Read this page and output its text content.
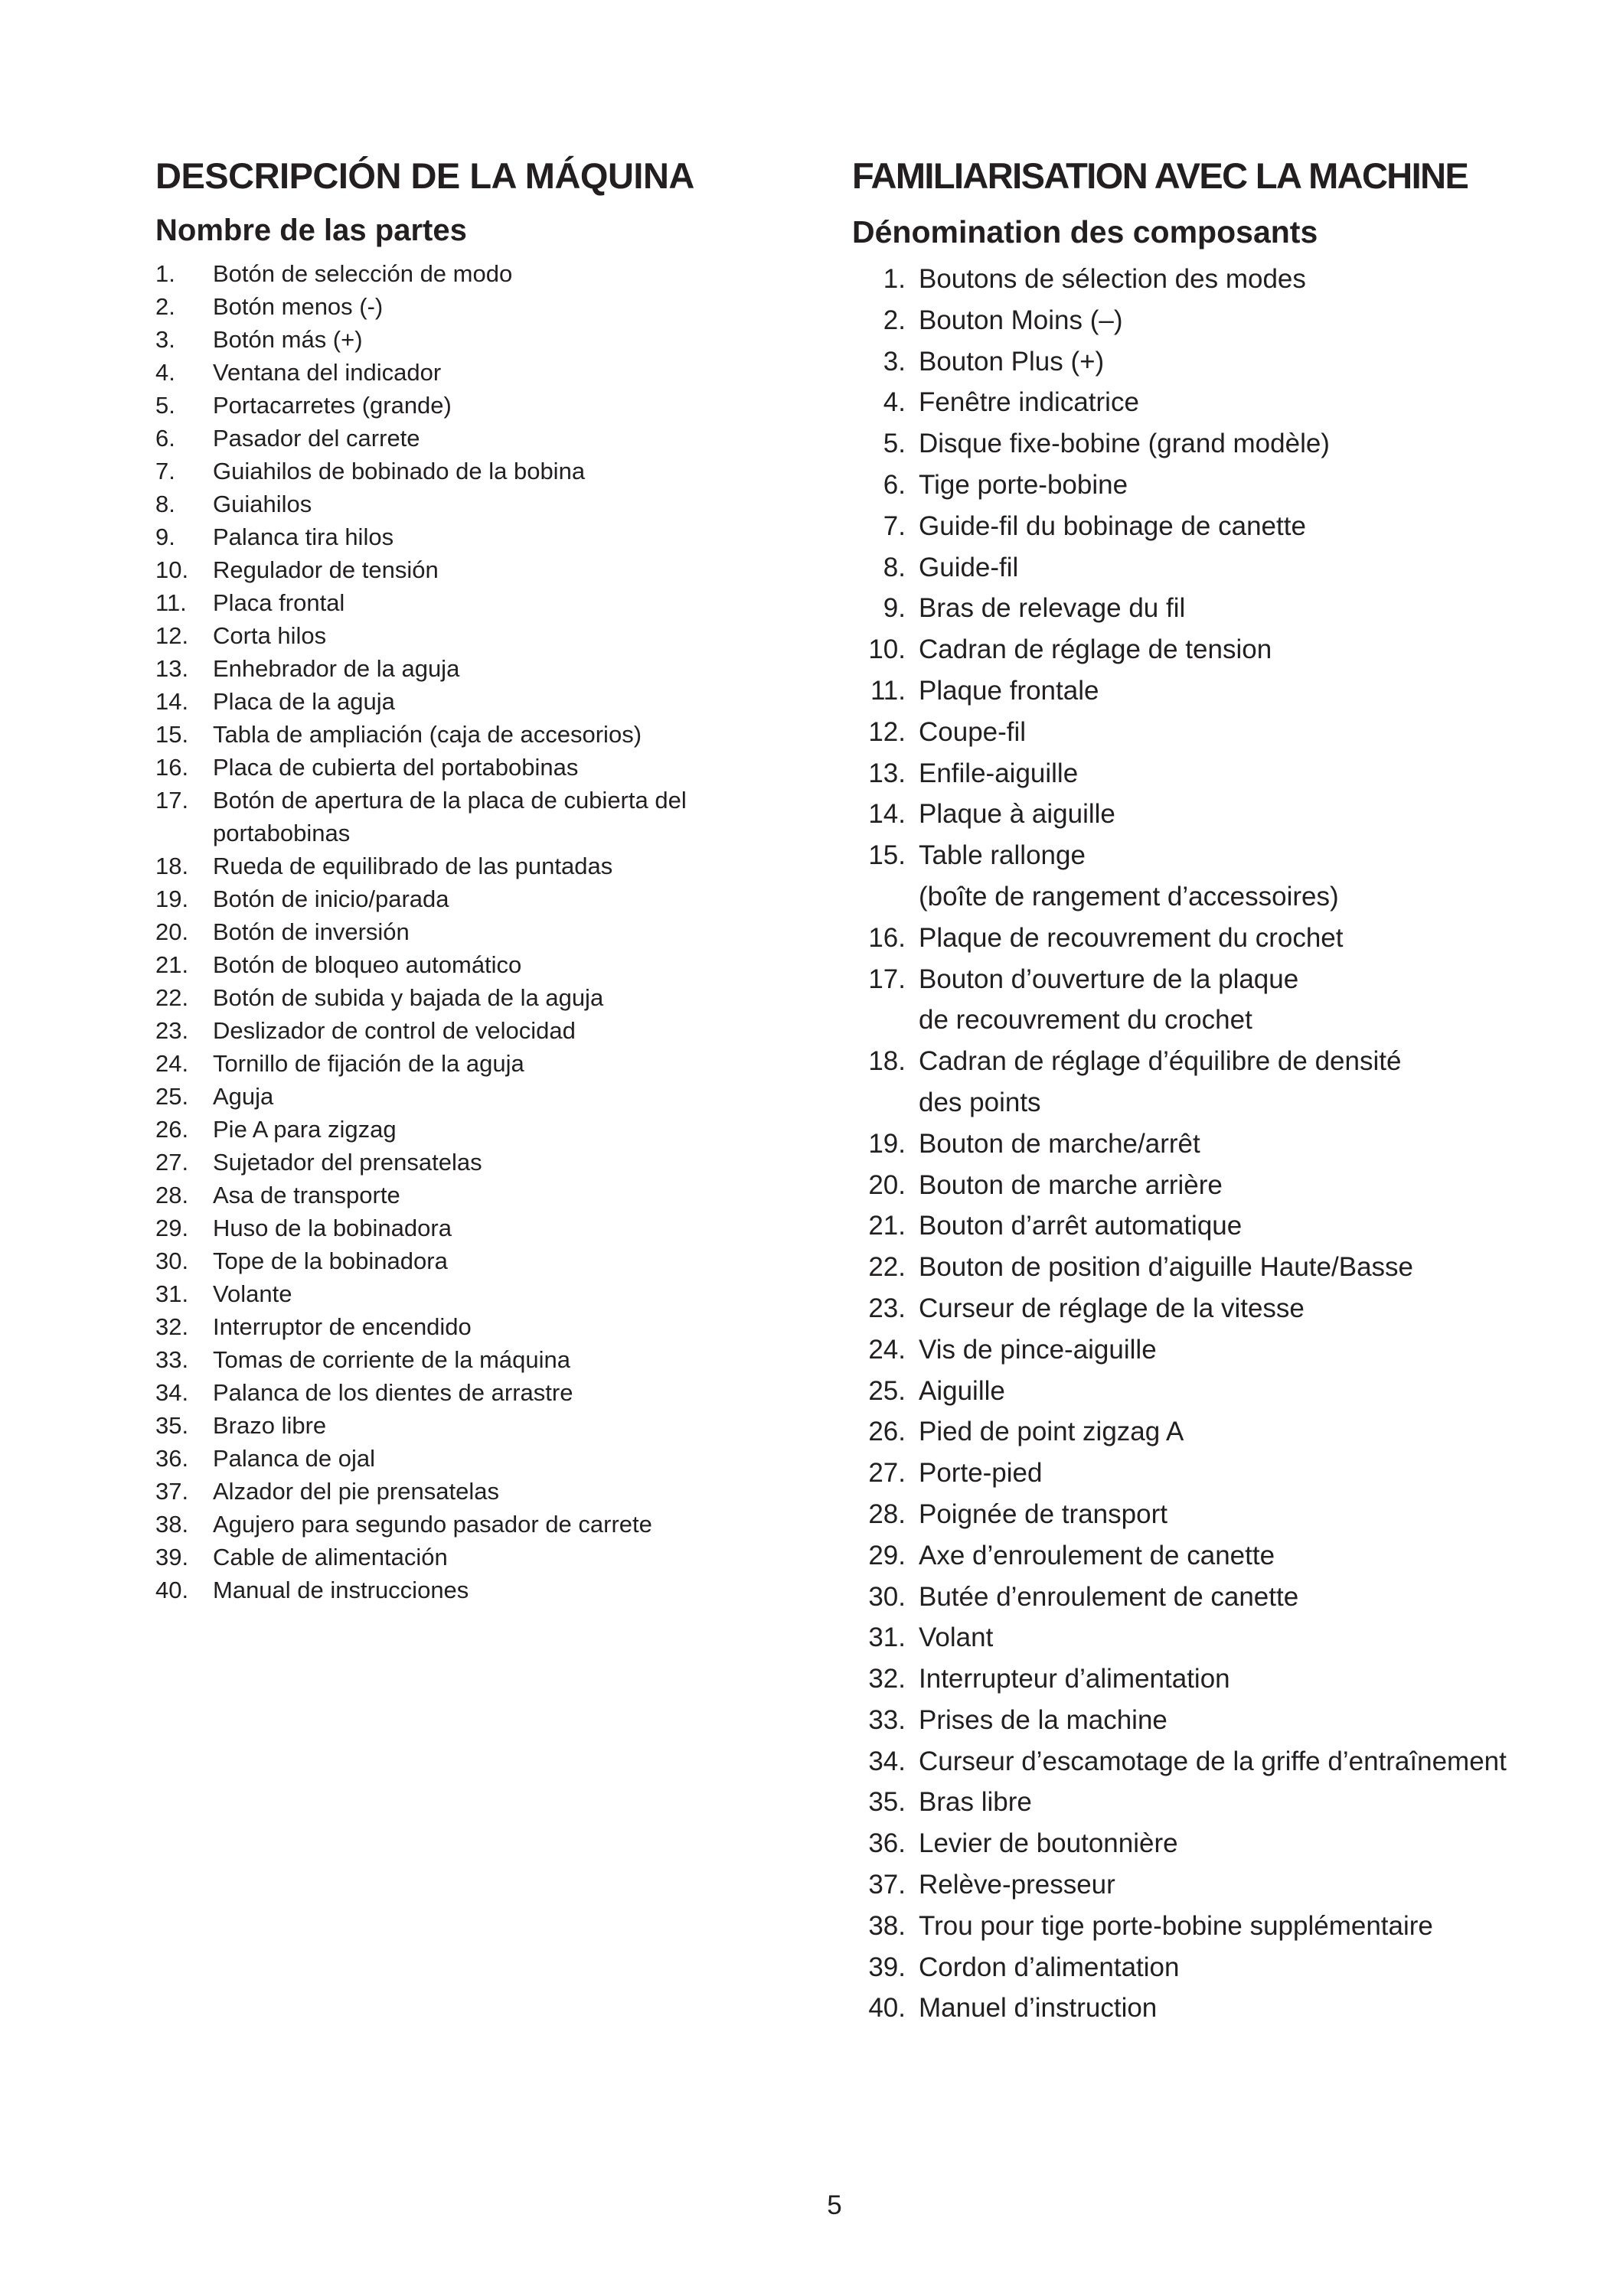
DESCRIPCIÓN DE LA MÁQUINA
Nombre de las partes
1.	Botón de selección de modo
2.	Botón menos (-)
3.	Botón más (+)
4.	Ventana del indicador
5.	Portacarretes (grande)
6.	Pasador del carrete
7.	Guiahilos de bobinado de la bobina
8.	Guiahilos
9.	Palanca tira hilos
10.	Regulador de tensión
11.	Placa frontal
12.	Corta hilos
13.	Enhebrador de la aguja
14.	Placa de la aguja
15.	Tabla de ampliación (caja de accesorios)
16.	Placa de cubierta del portabobinas
17.	Botón de apertura de la placa de cubierta del portabobinas
18.	Rueda de equilibrado de las puntadas
19.	Botón de inicio/parada
20.	Botón de inversión
21.	Botón de bloqueo automático
22.	Botón de subida y bajada de la aguja
23.	Deslizador de control de velocidad
24.	Tornillo de fijación de la aguja
25.	Aguja
26.	Pie A para zigzag
27.	Sujetador del prensatelas
28.	Asa de transporte
29.	Huso de la bobinadora
30.	Tope de la bobinadora
31.	Volante
32.	Interruptor de encendido
33.	Tomas de corriente de la máquina
34.	Palanca de los dientes de arrastre
35.	Brazo libre
36.	Palanca de ojal
37.	Alzador del pie prensatelas
38.	Agujero para segundo pasador de carrete
39.	Cable de alimentación
40.	Manual de instrucciones
FAMILIARISATION AVEC LA MACHINE
Dénomination des composants
1. Boutons de sélection des modes
2. Bouton Moins (–)
3. Bouton Plus (+)
4. Fenêtre indicatrice
5. Disque fixe-bobine (grand modèle)
6. Tige porte-bobine
7. Guide-fil du bobinage de canette
8. Guide-fil
9. Bras de relevage du fil
10. Cadran de réglage de tension
11. Plaque frontale
12. Coupe-fil
13. Enfile-aiguille
14. Plaque à aiguille
15. Table rallonge
(boîte de rangement d’accessoires)
16. Plaque de recouvrement du crochet
17. Bouton d’ouverture de la plaque
de recouvrement du crochet
18. Cadran de réglage d’équilibre de densité
des points
19. Bouton de marche/arrêt
20. Bouton de marche arrière
21. Bouton d’arrêt automatique
22. Bouton de position d’aiguille Haute/Basse
23. Curseur de réglage de la vitesse
24. Vis de pince-aiguille
25. Aiguille
26. Pied de point zigzag A
27. Porte-pied
28. Poignée de transport
29. Axe d’enroulement de canette
30. Butée d’enroulement de canette
31. Volant
32. Interrupteur d’alimentation
33. Prises de la machine
34. Curseur d’escamotage de la griffe d’entraînement
35. Bras libre
36. Levier de boutonnière
37. Relève-presseur
38. Trou pour tige porte-bobine supplémentaire
39. Cordon d’alimentation
40. Manuel d’instruction
5
